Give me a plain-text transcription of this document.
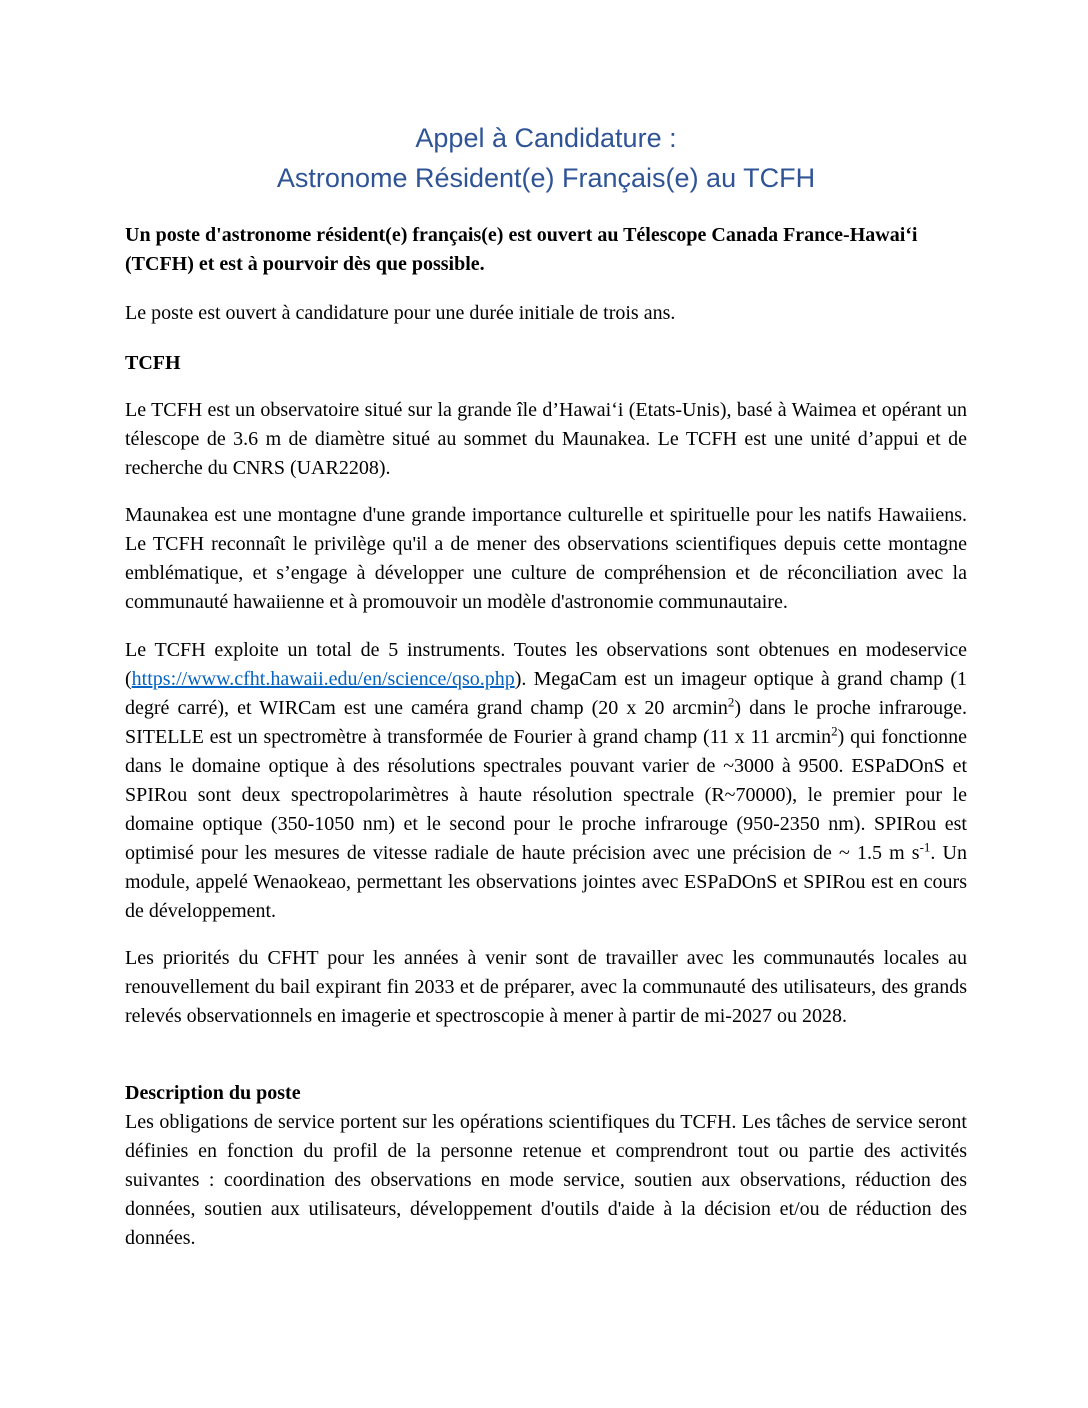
Appel à Candidature :
Astronome Résident(e) Français(e) au TCFH

Un poste d'astronome résident(e) français(e) est ouvert au Télescope Canada France-Hawaiʻi (TCFH) et est à pourvoir dès que possible.

Le poste est ouvert à candidature pour une durée initiale de trois ans.

TCFH

Le TCFH est un observatoire situé sur la grande île d’Hawaiʻi (Etats-Unis), basé à Waimea et opérant un télescope de 3.6 m de diamètre situé au sommet du Maunakea. Le TCFH est une unité d’appui et de recherche du CNRS (UAR2208).

Maunakea est une montagne d'une grande importance culturelle et spirituelle pour les natifs Hawaiiens. Le TCFH reconnaît le privilège qu'il a de mener des observations scientifiques depuis cette montagne emblématique, et s’engage à développer une culture de compréhension et de réconciliation avec la communauté hawaiienne et à promouvoir un modèle d'astronomie communautaire.

Le TCFH exploite un total de 5 instruments. Toutes les observations sont obtenues en modeservice (https://www.cfht.hawaii.edu/en/science/qso.php). MegaCam est un imageur optique à grand champ (1 degré carré), et WIRCam est une caméra grand champ (20 x 20 arcmin$^2$) dans le proche infrarouge. SITELLE est un spectromètre à transformée de Fourier à grand champ (11 x 11 arcmin$^2$) qui fonctionne dans le domaine optique à des résolutions spectrales pouvant varier de ~3000 à 9500. ESPaDOnS et SPIRou sont deux spectropolarimètres à haute résolution spectrale (R~70000), le premier pour le domaine optique (350-1050 nm) et le second pour le proche infrarouge (950-2350 nm). SPIRou est optimisé pour les mesures de vitesse radiale de haute précision avec une précision de ~ 1.5 m $s^{-1}$. Un module, appelé Wenaokeao, permettant les observations jointes avec ESPaDOnS et SPIRou est en cours de développement.

Les priorités du CFHT pour les années à venir sont de travailler avec les communautés locales au renouvellement du bail expirant fin 2033 et de préparer, avec la communauté des utilisateurs, des grands relevés observationnels en imagerie et spectroscopie à mener à partir de mi-2027 ou 2028.

Description du poste

Les obligations de service portent sur les opérations scientifiques du TCFH. Les tâches de service seront définies en fonction du profil de la personne retenue et comprendront tout ou partie des activités suivantes : coordination des observations en mode service, soutien aux observations, réduction des données, soutien aux utilisateurs, développement d'outils d'aide à la décision et/ou de réduction des données.
